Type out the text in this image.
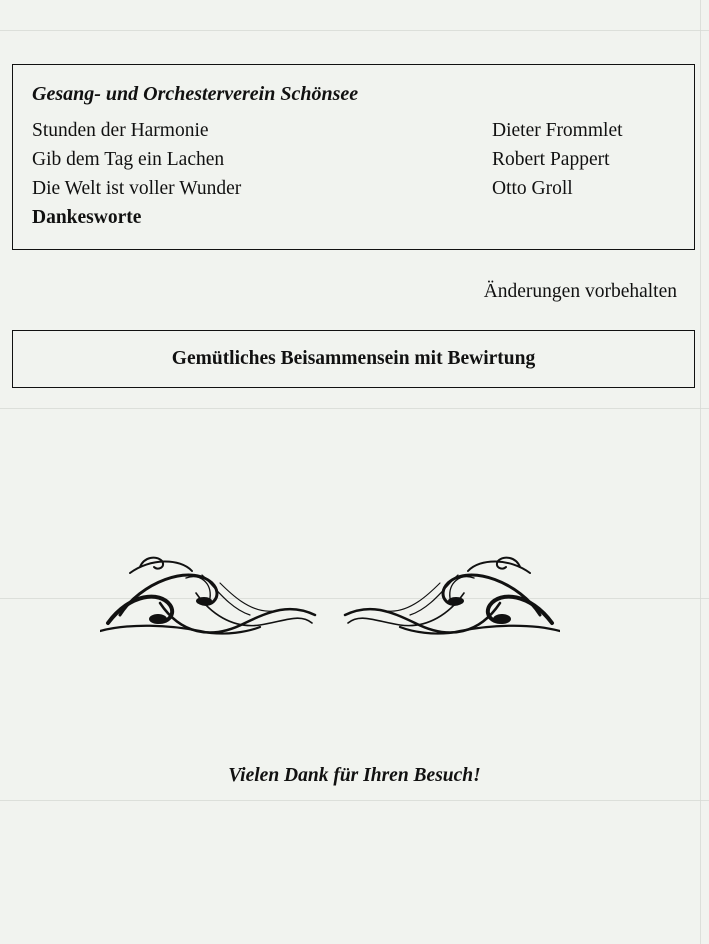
Gesang- und Orchesterverein Schönsee
Stunden der Harmonie	Dieter Frommlet
Gib dem Tag ein Lachen	Robert Pappert
Die Welt ist voller Wunder	Otto Groll
Dankesworte
Änderungen vorbehalten
Gemütliches Beisammensein mit Bewirtung
Vielen Dank für Ihren Besuch!
